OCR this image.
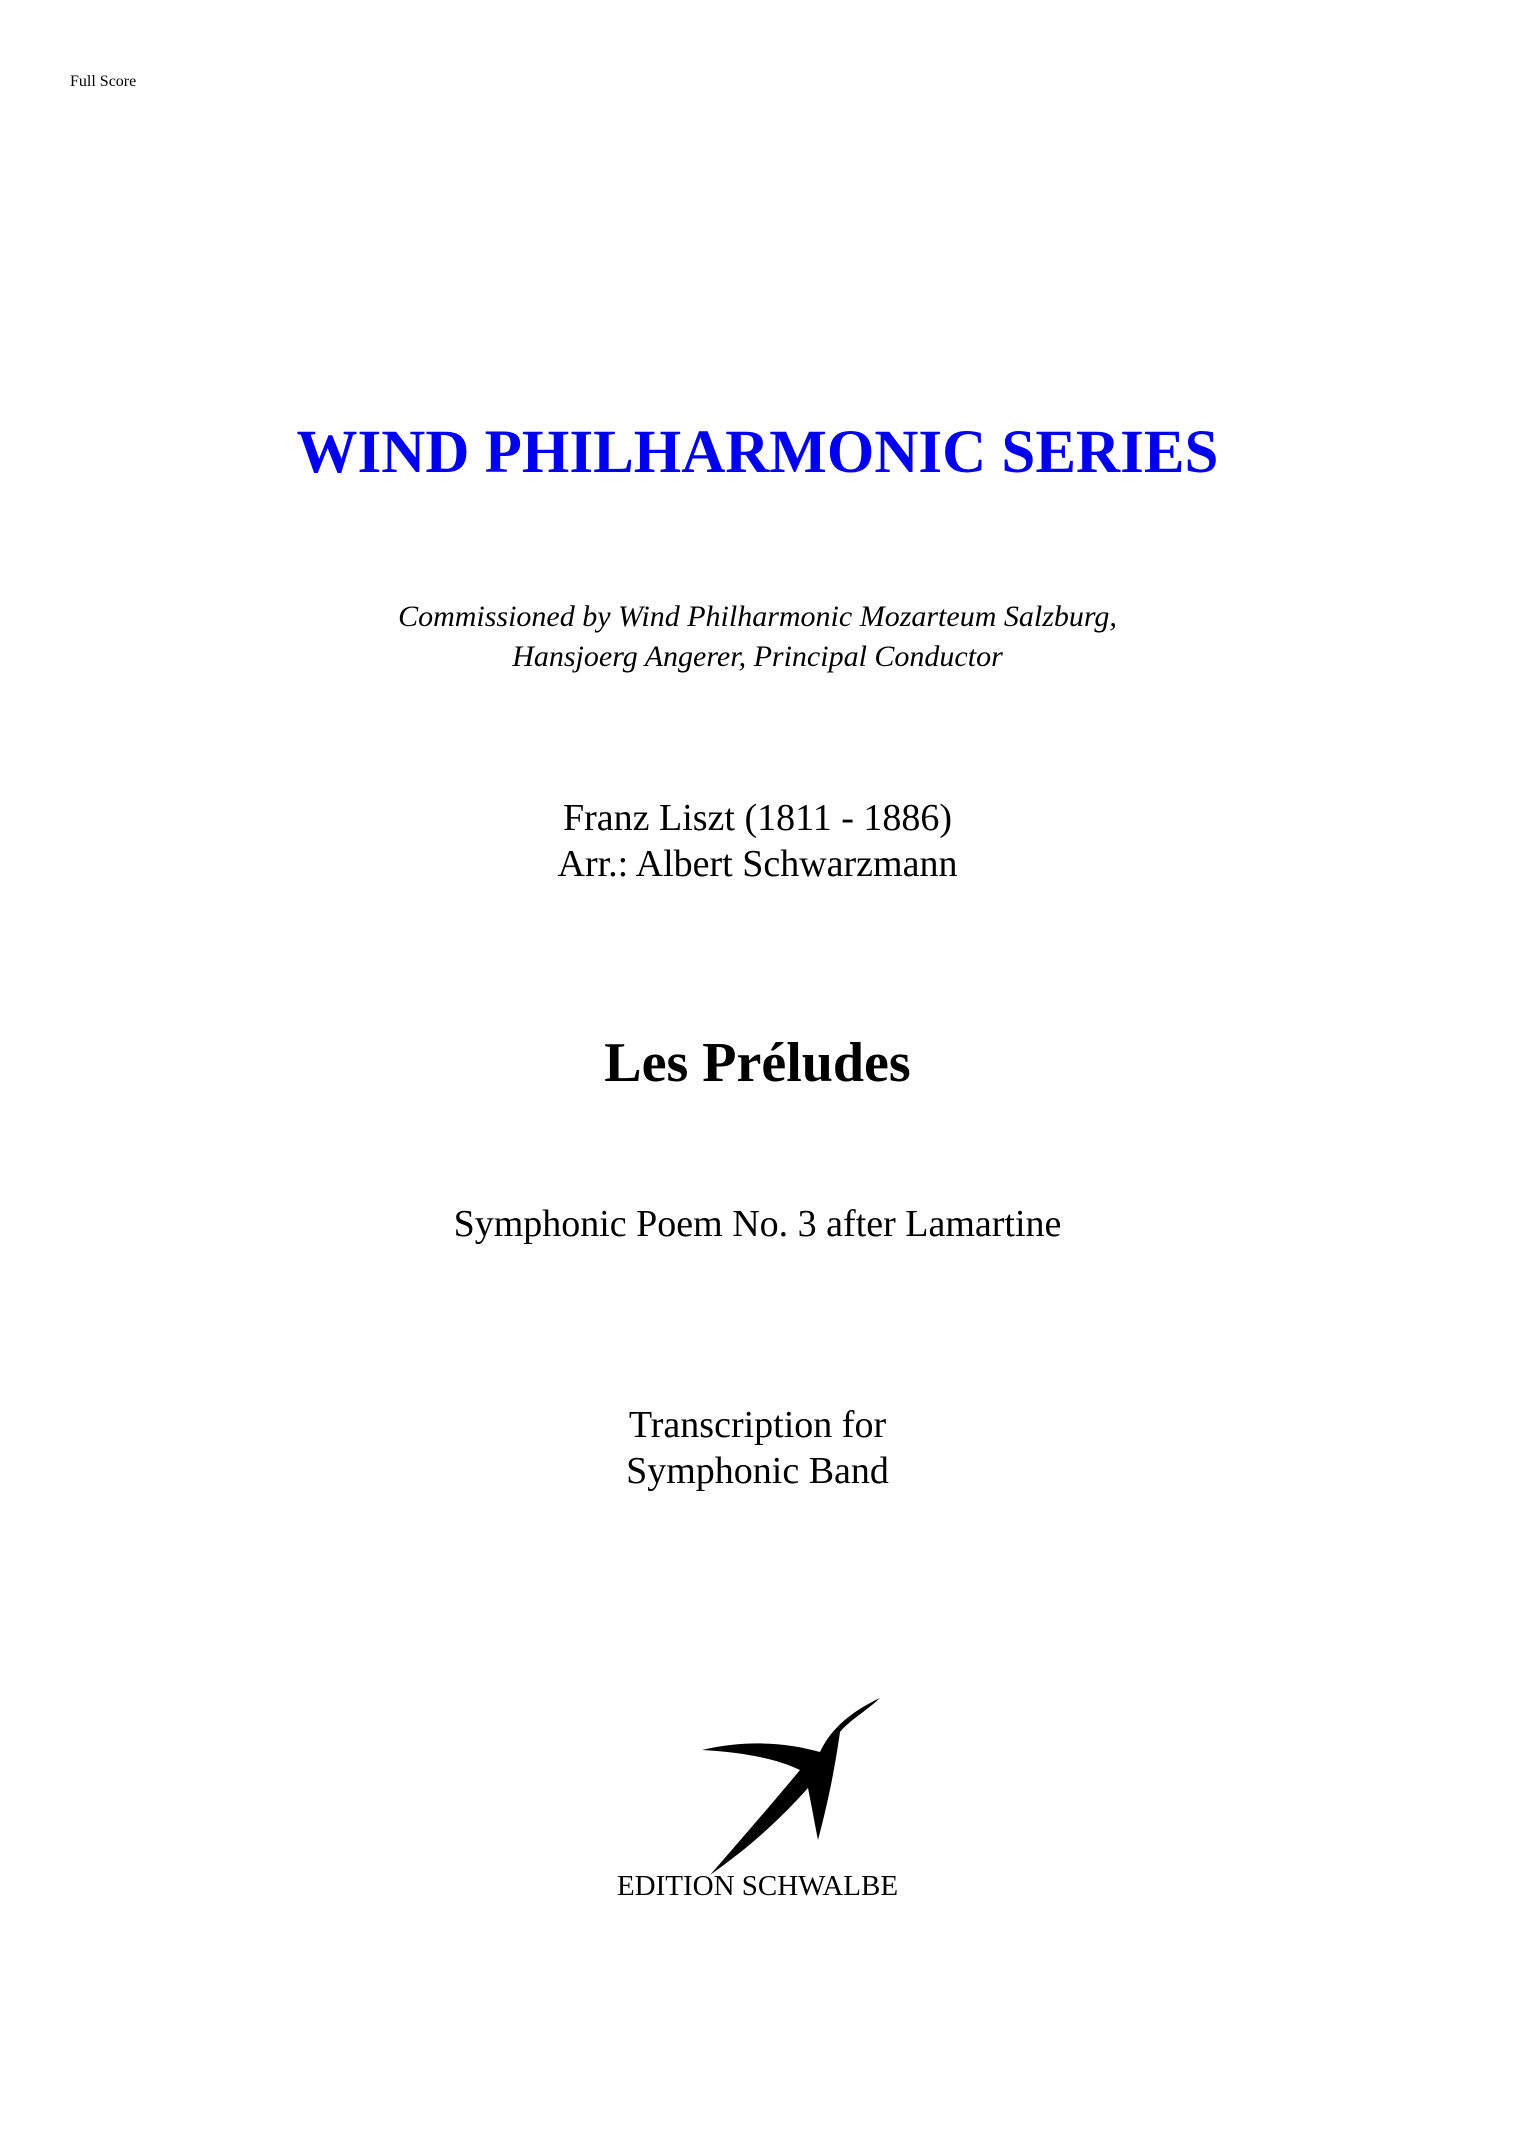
Full Score
WIND PHILHARMONIC SERIES
Commissioned by Wind Philharmonic Mozarteum Salzburg,
Hansjoerg Angerer, Principal Conductor
Franz Liszt (1811 - 1886)
Arr.: Albert Schwarzmann
Les Préludes
Symphonic Poem No. 3 after Lamartine
Transcription for
Symphonic Band
EDITION SCHWALBE
